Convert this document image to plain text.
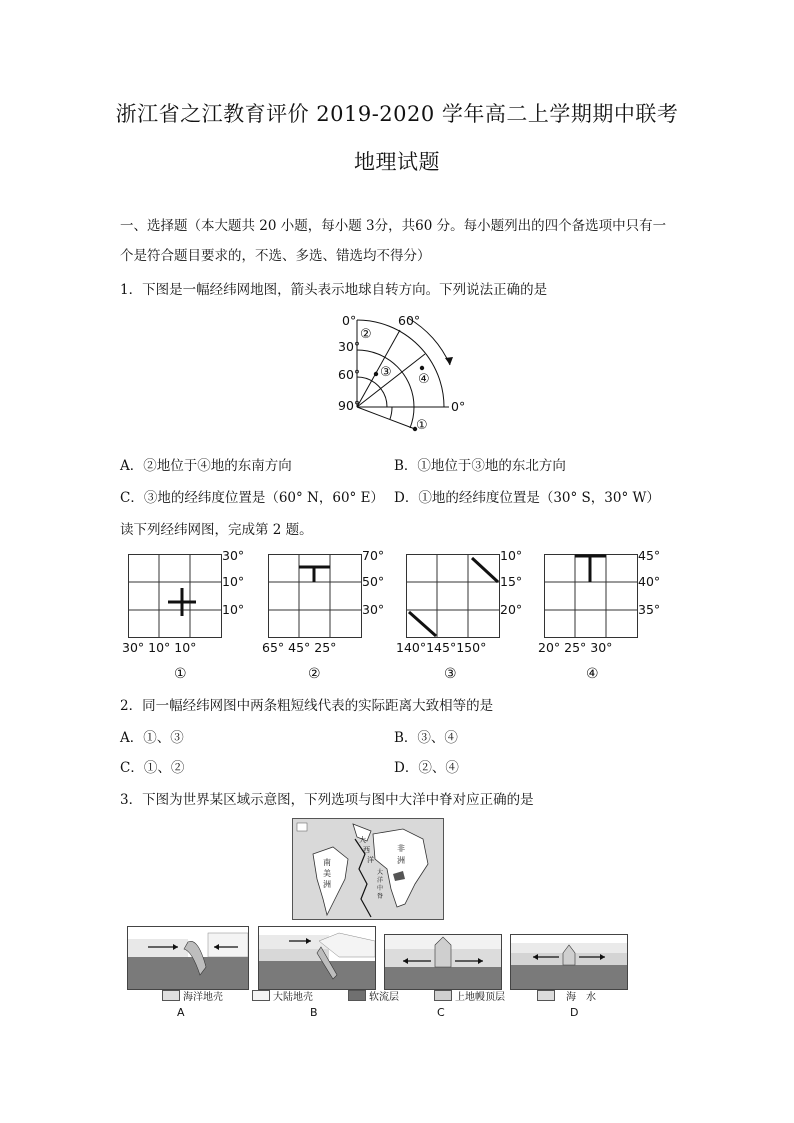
浙江省之江教育评价 2019-2020 学年高二上学期期中联考
地理试题
一、选择题（本大题共 20 小题，每小题 3分，共60 分。每小题列出的四个备选项中只有一
个是符合题目要求的，不选、多选、错选均不得分）
1．下图是一幅经纬网地图，箭头表示地球自转方向。下列说法正确的是
0°
30°
60°
90°
60°
0°
②
③ ④
①
A．②地位于④地的东南方向	B．①地位于③地的东北方向
C．③地的经纬度位置是（60° N，60° E） D．①地的经纬度位置是（30° S，30° W）
读下列经纬网图，完成第 2 题。
30°
10°
10°
30° 10° 10°
①
70°
50°
30°
65° 45° 25°
②
10°
15°
20°
140°145°150°
③
45°
40°
35°
20° 25° 30°
④
2．同一幅经纬网图中两条粗短线代表的实际距离大致相等的是
A．①、③	B．③、④
C．①、②	D．②、④
3．下图为世界某区域示意图，下列选项与图中大洋中脊对应正确的是
南
美
洲
非
洲
大
西
洋
大
洋
中
脊
海洋地壳	大陆地壳	软流层	上地幔顶层	海　水
A	B	C	D
